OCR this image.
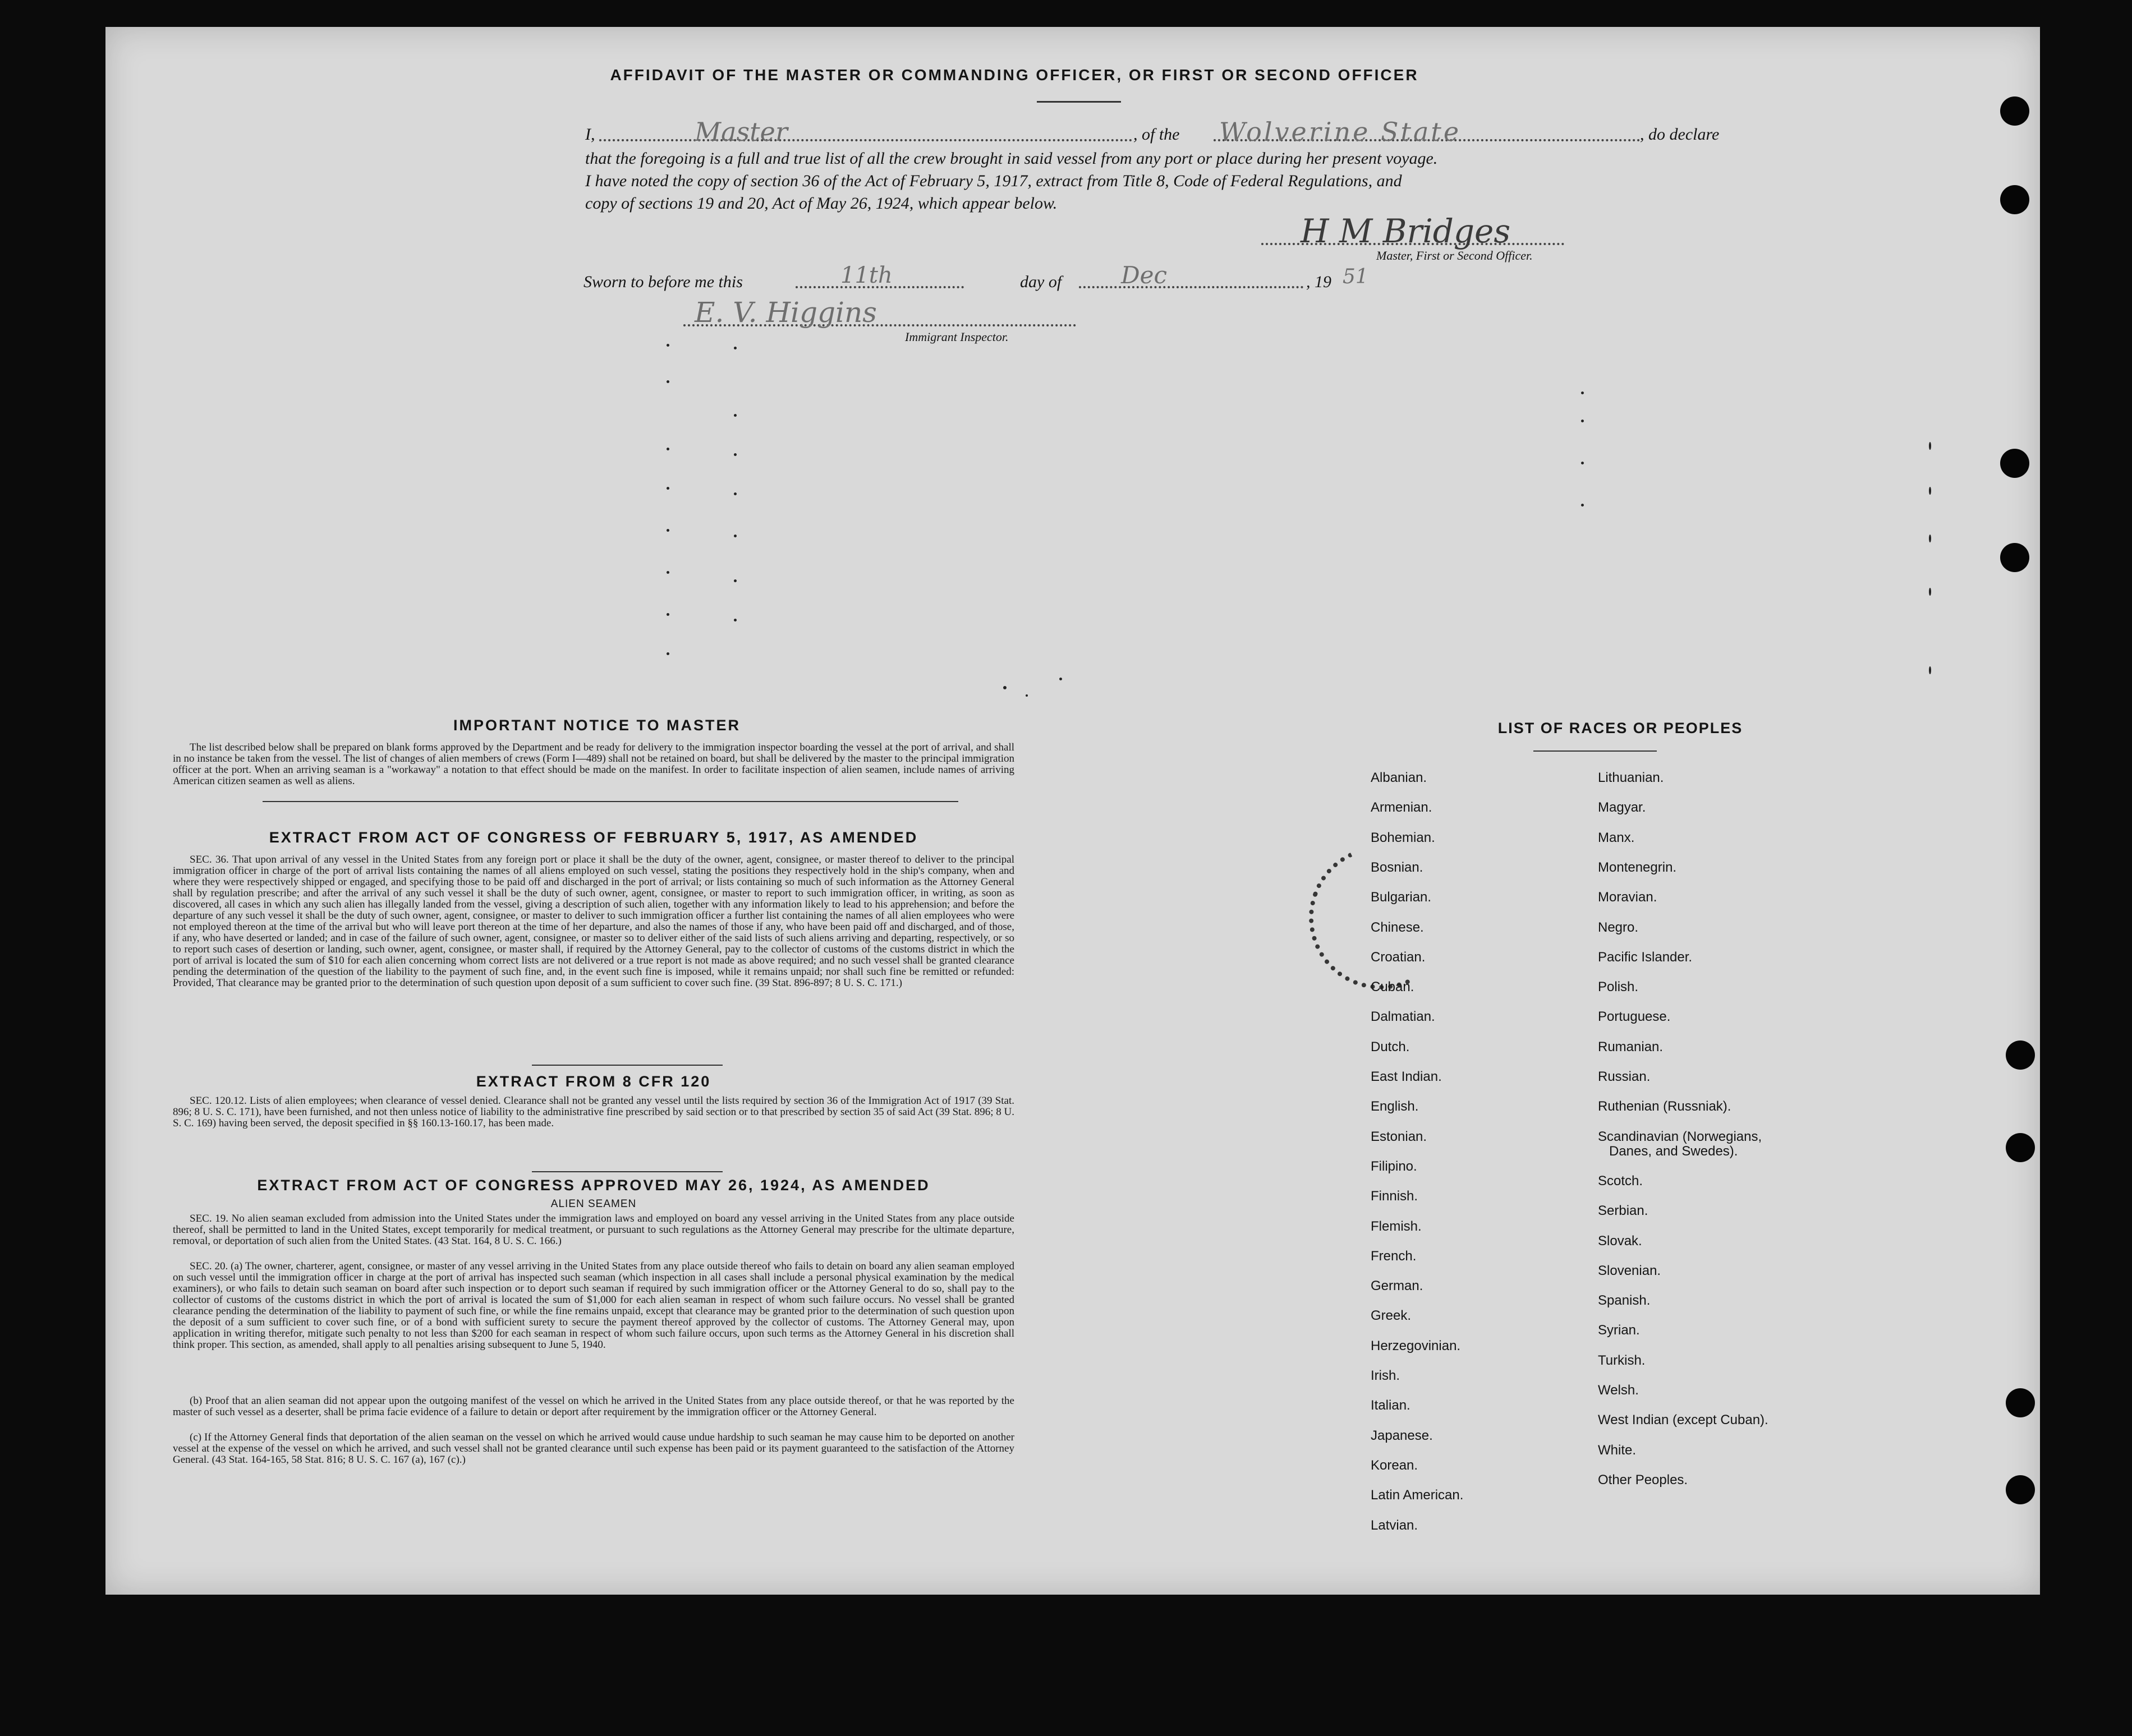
AFFIDAVIT OF THE MASTER OR COMMANDING OFFICER, OR FIRST OR SECOND OFFICER
I,	Master	, of the Wolverine State	, do declare
that the foregoing is a full and true list of all the crew brought in said vessel from any port or place during her present voyage.
I have noted the copy of section 36 of the Act of February 5, 1917, extract from Title 8, Code of Federal Regulations, and
copy of sections 19 and 20, Act of May 26, 1924, which appear below.
H M Bridges
Master, First or Second Officer.
Sworn to before me this	11th	day of	Dec	, 19 51
E. V. Higgins
Immigrant Inspector.
IMPORTANT NOTICE TO MASTER
The list described below shall be prepared on blank forms approved by the Department and be ready for delivery to the immigration inspector boarding the vessel at the port of arrival, and shall in no instance be taken from the vessel. The list of changes of alien members of crews (Form I—489) shall not be retained on board, but shall be delivered by the master to the principal immigration officer at the port. When an arriving seaman is a "workaway" a notation to that effect should be made on the manifest. In order to facilitate inspection of alien seamen, include names of arriving American citizen seamen as well as aliens.
EXTRACT FROM ACT OF CONGRESS OF FEBRUARY 5, 1917, AS AMENDED
SEC. 36. That upon arrival of any vessel in the United States from any foreign port or place it shall be the duty of the owner, agent, consignee, or master thereof to deliver to the principal immigration officer in charge of the port of arrival lists containing the names of all aliens employed on such vessel, stating the positions they respectively hold in the ship's company, when and where they were respectively shipped or engaged, and specifying those to be paid off and discharged in the port of arrival; or lists containing so much of such information as the Attorney General shall by regulation prescribe; and after the arrival of any such vessel it shall be the duty of such owner, agent, consignee, or master to report to such immigration officer, in writing, as soon as discovered, all cases in which any such alien has illegally landed from the vessel, giving a description of such alien, together with any information likely to lead to his apprehension; and before the departure of any such vessel it shall be the duty of such owner, agent, consignee, or master to deliver to such immigration officer a further list containing the names of all alien employees who were not employed thereon at the time of the arrival but who will leave port thereon at the time of her departure, and also the names of those if any, who have been paid off and discharged, and of those, if any, who have deserted or landed; and in case of the failure of such owner, agent, consignee, or master so to deliver either of the said lists of such aliens arriving and departing, respectively, or so to report such cases of desertion or landing, such owner, agent, consignee, or master shall, if required by the Attorney General, pay to the collector of customs of the customs district in which the port of arrival is located the sum of $10 for each alien concerning whom correct lists are not delivered or a true report is not made as above required; and no such vessel shall be granted clearance pending the determination of the question of the liability to the payment of such fine, and, in the event such fine is imposed, while it remains unpaid; nor shall such fine be remitted or refunded: Provided, That clearance may be granted prior to the determination of such question upon deposit of a sum sufficient to cover such fine. (39 Stat. 896-897; 8 U. S. C. 171.)
EXTRACT FROM 8 CFR 120
SEC. 120.12. Lists of alien employees; when clearance of vessel denied. Clearance shall not be granted any vessel until the lists required by section 36 of the Immigration Act of 1917 (39 Stat. 896; 8 U. S. C. 171), have been furnished, and not then unless notice of liability to the administrative fine prescribed by said section or to that prescribed by section 35 of said Act (39 Stat. 896; 8 U. S. C. 169) having been served, the deposit specified in §§ 160.13-160.17, has been made.
EXTRACT FROM ACT OF CONGRESS APPROVED MAY 26, 1924, AS AMENDED
ALIEN SEAMEN
SEC. 19. No alien seaman excluded from admission into the United States under the immigration laws and employed on board any vessel arriving in the United States from any place outside thereof, shall be permitted to land in the United States, except temporarily for medical treatment, or pursuant to such regulations as the Attorney General may prescribe for the ultimate departure, removal, or deportation of such alien from the United States. (43 Stat. 164, 8 U. S. C. 166.)
SEC. 20. (a) The owner, charterer, agent, consignee, or master of any vessel arriving in the United States from any place outside thereof who fails to detain on board any alien seaman employed on such vessel until the immigration officer in charge at the port of arrival has inspected such seaman (which inspection in all cases shall include a personal physical examination by the medical examiners), or who fails to detain such seaman on board after such inspection or to deport such seaman if required by such immigration officer or the Attorney General to do so, shall pay to the collector of customs of the customs district in which the port of arrival is located the sum of $1,000 for each alien seaman in respect of whom such failure occurs. No vessel shall be granted clearance pending the determination of the liability to payment of such fine, or while the fine remains unpaid, except that clearance may be granted prior to the determination of such question upon the deposit of a sum sufficient to cover such fine, or of a bond with sufficient surety to secure the payment thereof approved by the collector of customs. The Attorney General may, upon application in writing therefor, mitigate such penalty to not less than $200 for each seaman in respect of whom such failure occurs, upon such terms as the Attorney General in his discretion shall think proper. This section, as amended, shall apply to all penalties arising subsequent to June 5, 1940.
(b) Proof that an alien seaman did not appear upon the outgoing manifest of the vessel on which he arrived in the United States from any place outside thereof, or that he was reported by the master of such vessel as a deserter, shall be prima facie evidence of a failure to detain or deport after requirement by the immigration officer or the Attorney General.
(c) If the Attorney General finds that deportation of the alien seaman on the vessel on which he arrived would cause undue hardship to such seaman he may cause him to be deported on another vessel at the expense of the vessel on which he arrived, and such vessel shall not be granted clearance until such expense has been paid or its payment guaranteed to the satisfaction of the Attorney General. (43 Stat. 164-165, 58 Stat. 816; 8 U. S. C. 167 (a), 167 (c).)
LIST OF RACES OR PEOPLES
Albanian.
Armenian.
Bohemian.
Bosnian.
Bulgarian.
Chinese.
Croatian.
Cuban.
Dalmatian.
Dutch.
East Indian.
English.
Estonian.
Filipino.
Finnish.
Flemish.
French.
German.
Greek.
Herzegovinian.
Irish.
Italian.
Japanese.
Korean.
Latin American.
Latvian.
Lithuanian.
Magyar.
Manx.
Montenegrin.
Moravian.
Negro.
Pacific Islander.
Polish.
Portuguese.
Rumanian.
Russian.
Ruthenian (Russniak).
Scandinavian (Norwegians,
Danes, and Swedes).
Scotch.
Serbian.
Slovak.
Slovenian.
Spanish.
Syrian.
Turkish.
Welsh.
West Indian (except Cuban).
White.
Other Peoples.
